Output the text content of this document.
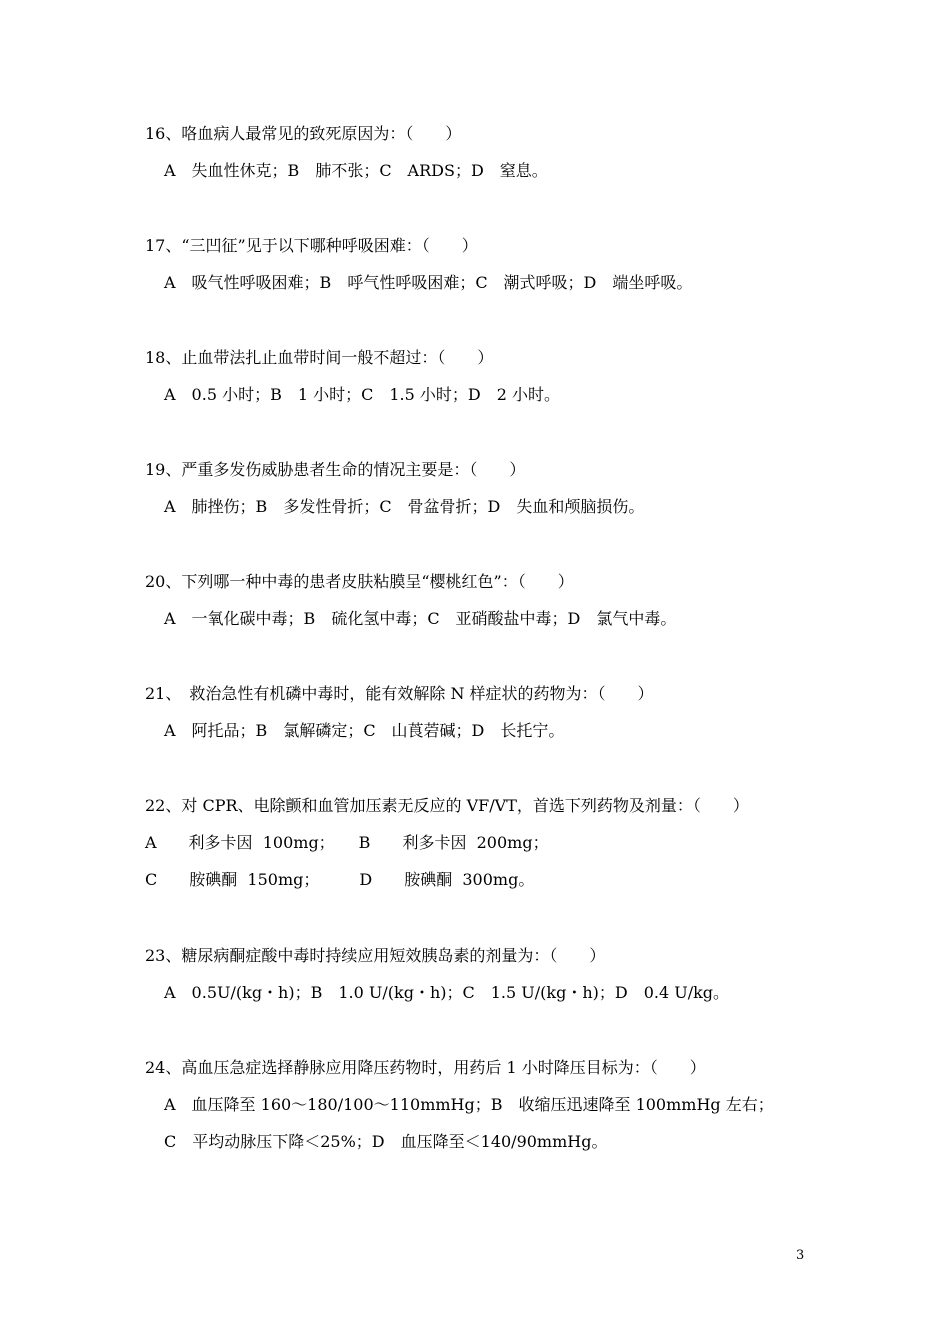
16、咯血病人最常见的致死原因为：（　　）
A　失血性休克；B　肺不张；C　ARDS；D　窒息。
17、“三凹征”见于以下哪种呼吸困难：（　　）
A　吸气性呼吸困难；B　呼气性呼吸困难；C　潮式呼吸；D　端坐呼吸。
18、止血带法扎止血带时间一般不超过：（　　）
A　0.5 小时；B　1 小时；C　1.5 小时；D　2 小时。
19、严重多发伤威胁患者生命的情况主要是：（　　）
A　肺挫伤；B　多发性骨折；C　骨盆骨折；D　失血和颅脑损伤。
20、下列哪一种中毒的患者皮肤粘膜呈“樱桃红色”：（　　）
A　一氧化碳中毒；B　硫化氢中毒；C　亚硝酸盐中毒；D　氯气中毒。
21、　救治急性有机磷中毒时，能有效解除 N 样症状的药物为：（　　）
A　阿托品；B　氯解磷定；C　山莨菪碱；D　长托宁。
22、对 CPR、电除颤和血管加压素无反应的 VF/VT，首选下列药物及剂量：（　　）
A　　利多卡因  100mg；　　B　　利多卡因  200mg；
C　　胺碘酮  150mg；　　　D　　胺碘酮  300mg。
23、糖尿病酮症酸中毒时持续应用短效胰岛素的剂量为：（　　）
A　0.5U/(kg・h)；B　1.0 U/(kg・h)；C　1.5 U/(kg・h)；D　0.4 U/kg。
24、高血压急症选择静脉应用降压药物时，用药后 1 小时降压目标为：（　　）
A　血压降至 160～180/100～110mmHg；B　收缩压迅速降至 100mmHg 左右；
C　平均动脉压下降＜25%；D　血压降至＜140/90mmHg。
3
